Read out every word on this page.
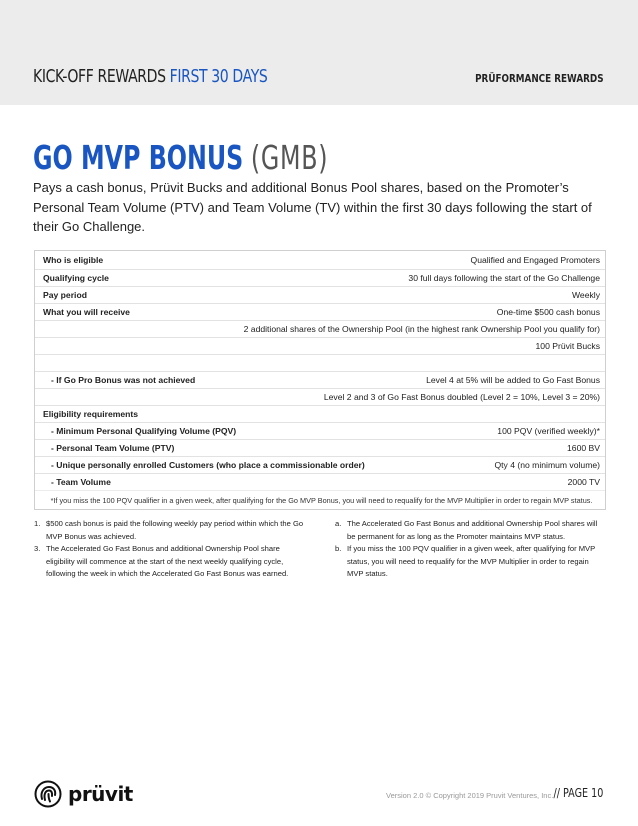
KICK-OFF REWARDS FIRST 30 DAYS	PRÜFORMANCE REWARDS
GO MVP BONUS (GMB)
Pays a cash bonus, Prüvit Bucks and additional Bonus Pool shares, based on the Promoter’s Personal Team Volume (PTV) and Team Volume (TV) within the first 30 days following the start of their Go Challenge.
Who is eligible	Qualified and Engaged Promoters
Qualifying cycle	30 full days following the start of the Go Challenge
Pay period	Weekly
What you will receive	One-time $500 cash bonus
2 additional shares of the Ownership Pool (in the highest rank Ownership Pool you qualify for)
100 Prüvit Bucks
- If Go Pro Bonus was not achieved	Level 4 at 5% will be added to Go Fast Bonus
Level 2 and 3 of Go Fast Bonus doubled (Level 2 = 10%, Level 3 = 20%)
Eligibility requirements
- Minimum Personal Qualifying Volume (PQV)	100 PQV (verified weekly)*
- Personal Team Volume (PTV)	1600 BV
- Unique personally enrolled Customers (who place a commissionable order)	Qty 4 (no minimum volume)
- Team Volume	2000 TV
*If you miss the 100 PQV qualifier in a given week, after qualifying for the Go MVP Bonus, you will need to requalify for the MVP Multiplier in order to regain MVP status.
1. $500 cash bonus is paid the following weekly pay period within which the Go MVP Bonus was achieved.
3. The Accelerated Go Fast Bonus and additional Ownership Pool share eligibility will commence at the start of the next weekly qualifying cycle, following the week in which the Accelerated Go Fast Bonus was earned.
a. The Accelerated Go Fast Bonus and additional Ownership Pool shares will be permanent for as long as the Promoter maintains MVP status.
b. If you miss the 100 PQV qualifier in a given week, after qualifying for MVP status, you will need to requalify for the MVP Multiplier in order to regain MVP status.
prüvit	Version 2.0 © Copyright 2019 Pruvit Ventures, Inc. // PAGE 10
